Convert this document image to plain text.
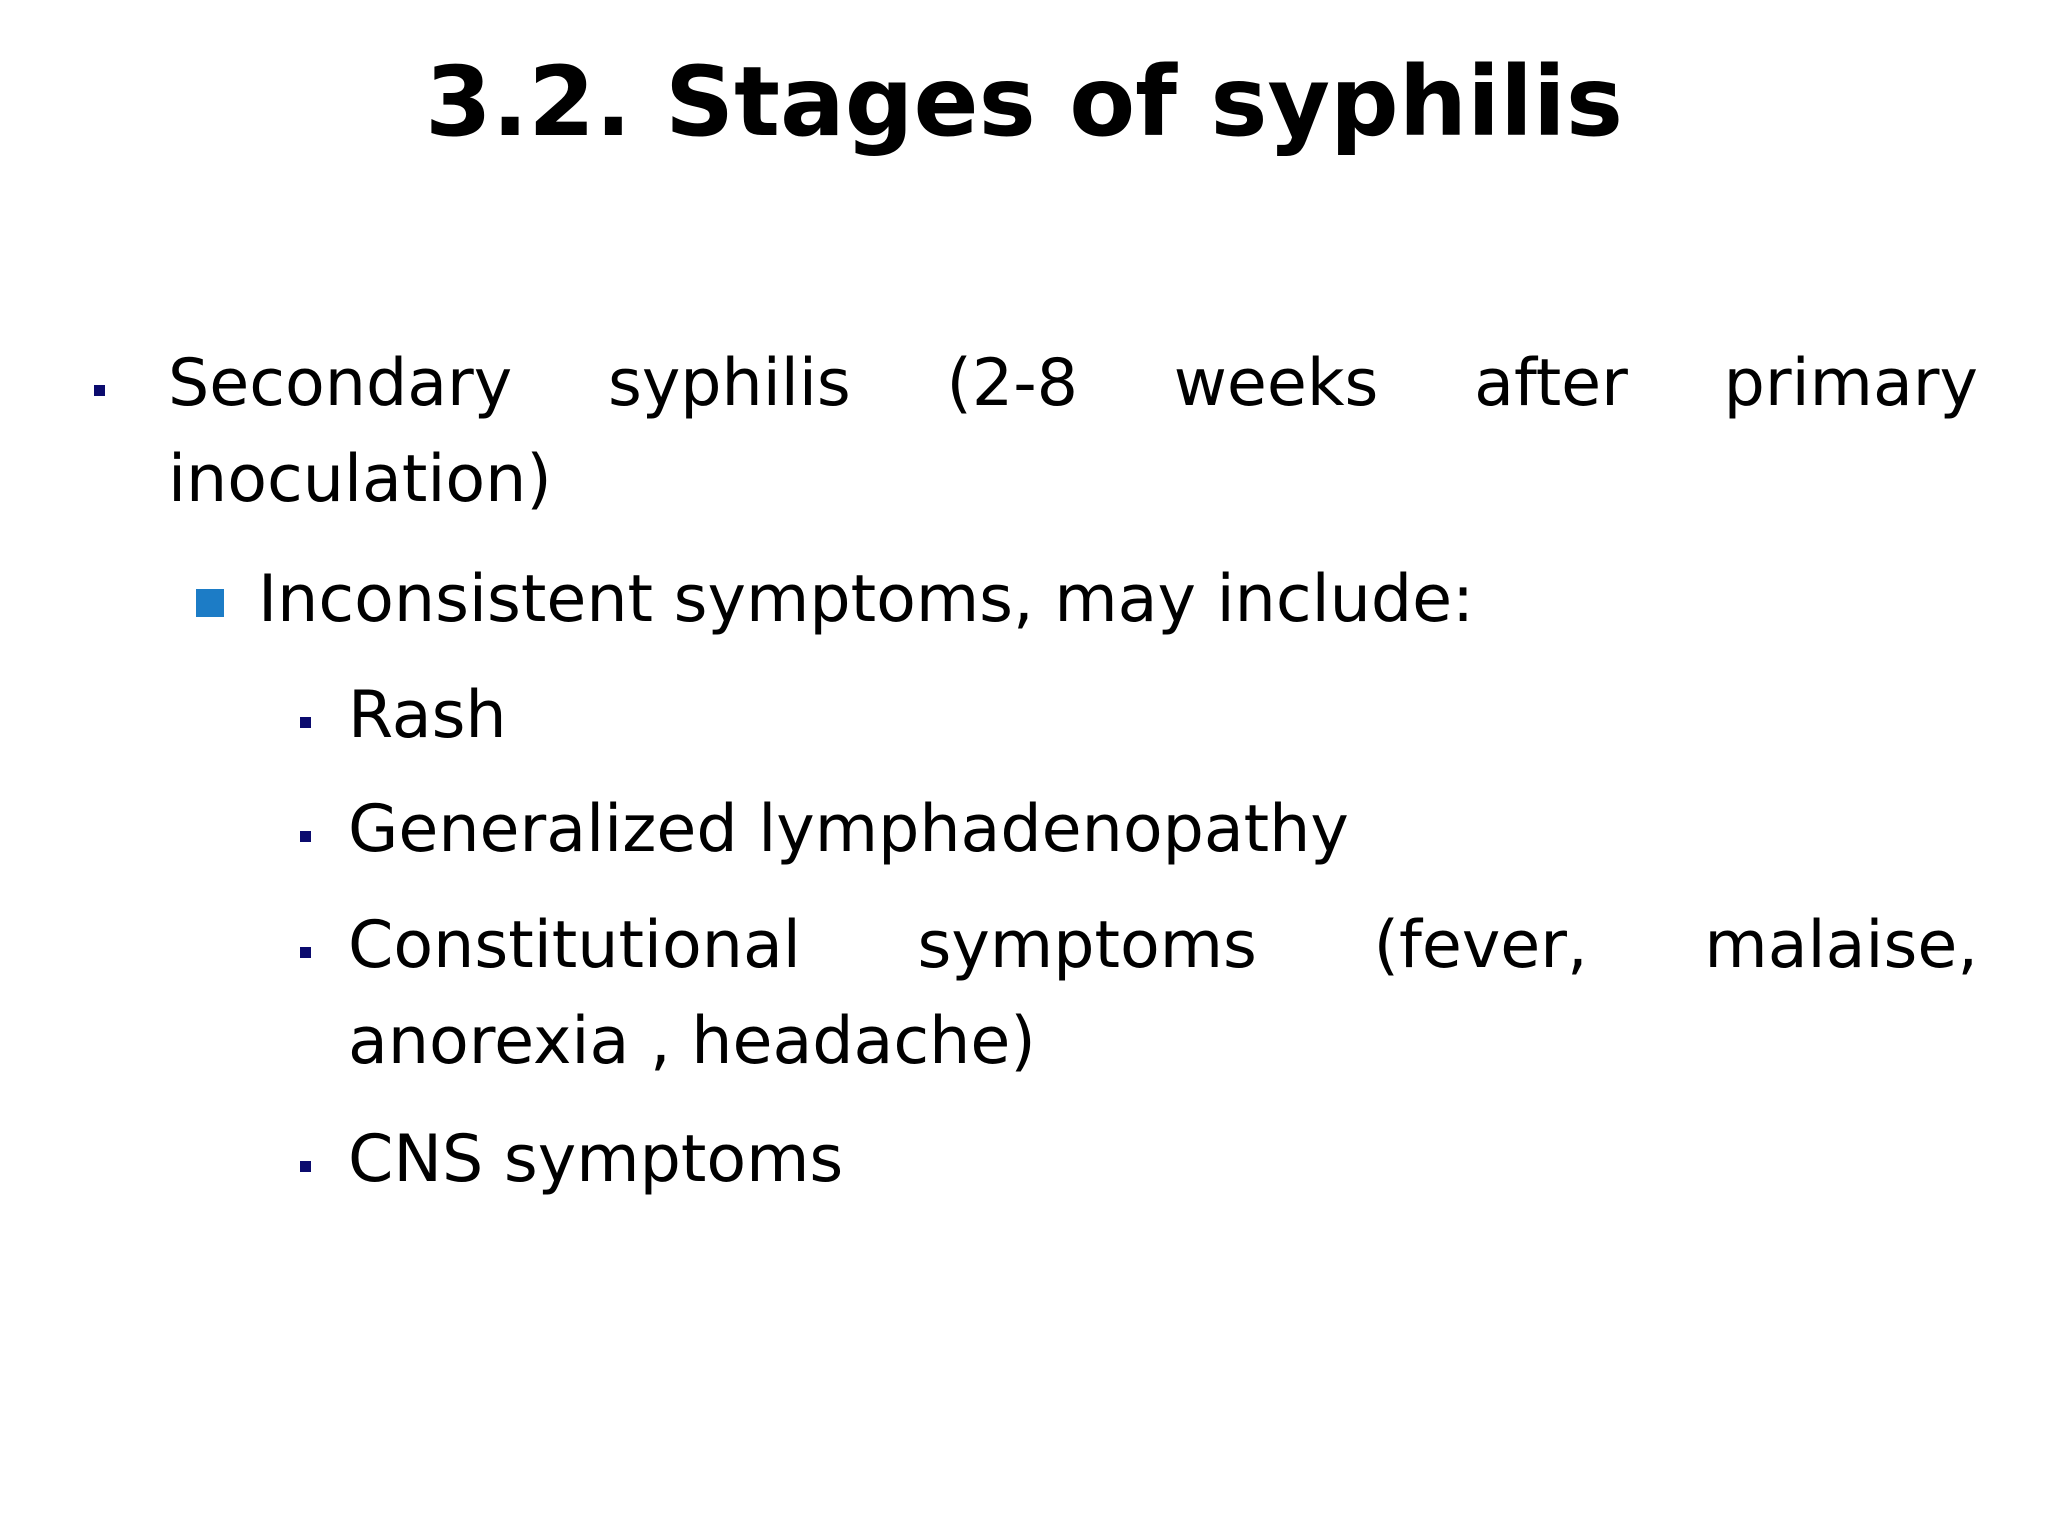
3.2. Stages of syphilis
Secondary syphilis (2-8 weeks after primary inoculation)
Inconsistent symptoms, may include:
Rash
Generalized lymphadenopathy
Constitutional symptoms (fever, malaise, anorexia , headache)
CNS symptoms
